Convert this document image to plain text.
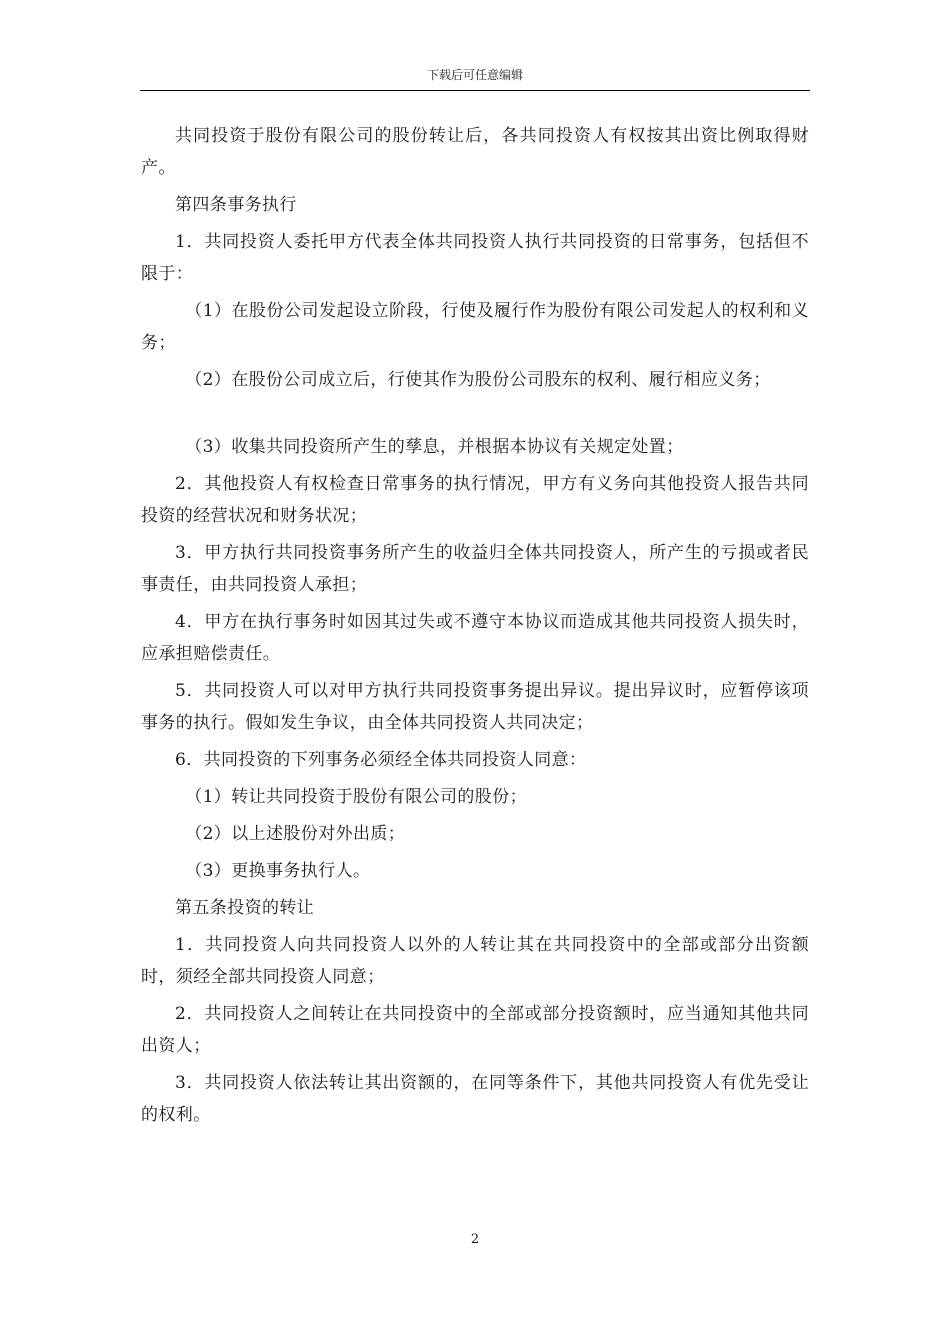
下载后可任意编辑

共同投资于股份有限公司的股份转让后，各共同投资人有权按其出资比例取得财产。

第四条事务执行

1．共同投资人委托甲方代表全体共同投资人执行共同投资的日常事务，包括但不限于：

（1）在股份公司发起设立阶段，行使及履行作为股份有限公司发起人的权利和义务；

（2）在股份公司成立后，行使其作为股份公司股东的权利、履行相应义务；

（3）收集共同投资所产生的孳息，并根据本协议有关规定处置；

2．其他投资人有权检查日常事务的执行情况，甲方有义务向其他投资人报告共同投资的经营状况和财务状况；

3．甲方执行共同投资事务所产生的收益归全体共同投资人，所产生的亏损或者民事责任，由共同投资人承担；

4．甲方在执行事务时如因其过失或不遵守本协议而造成其他共同投资人损失时，应承担赔偿责任。

5．共同投资人可以对甲方执行共同投资事务提出异议。提出异议时，应暂停该项事务的执行。假如发生争议，由全体共同投资人共同决定；

6．共同投资的下列事务必须经全体共同投资人同意：

（1）转让共同投资于股份有限公司的股份；

（2）以上述股份对外出质；

（3）更换事务执行人。

第五条投资的转让

1．共同投资人向共同投资人以外的人转让其在共同投资中的全部或部分出资额时，须经全部共同投资人同意；

2．共同投资人之间转让在共同投资中的全部或部分投资额时，应当通知其他共同出资人；

3．共同投资人依法转让其出资额的，在同等条件下，其他共同投资人有优先受让的权利。

2
